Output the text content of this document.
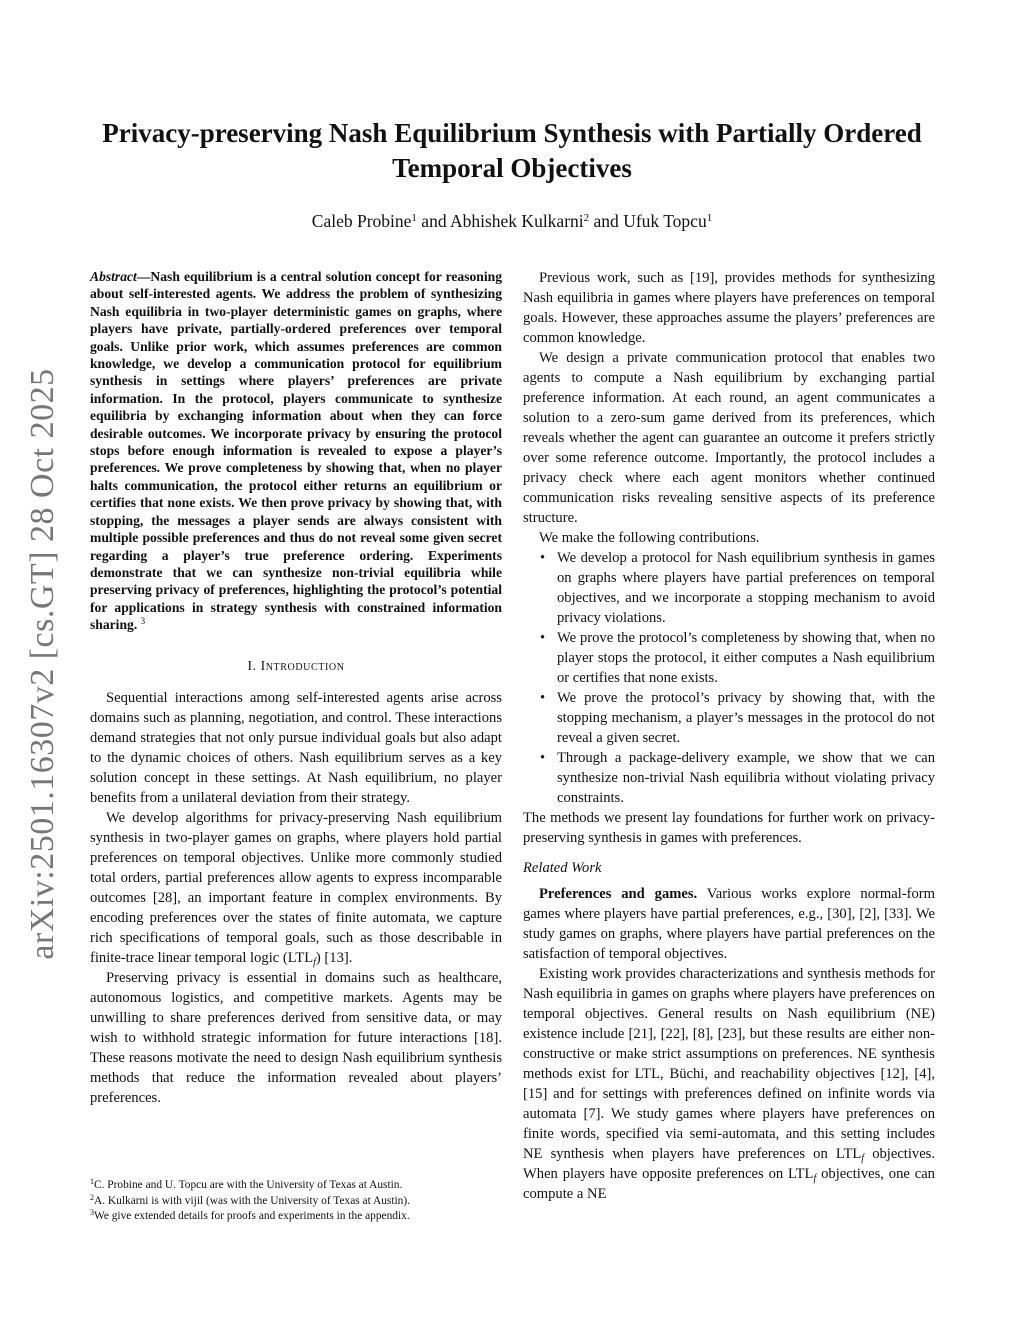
arXiv:2501.16307v2 [cs.GT] 28 Oct 2025
Privacy-preserving Nash Equilibrium Synthesis with Partially Ordered Temporal Objectives
Caleb Probine$^1$ and Abhishek Kulkarni$^2$ and Ufuk Topcu$^1$

Abstract—Nash equilibrium is a central solution concept for reasoning about self-interested agents. We address the problem of synthesizing Nash equilibria in two-player deterministic games on graphs, where players have private, partially-ordered preferences over temporal goals. Unlike prior work, which assumes preferences are common knowledge, we develop a communication protocol for equilibrium synthesis in settings where players’ preferences are private information. In the protocol, players communicate to synthesize equilibria by exchanging information about when they can force desirable outcomes. We incorporate privacy by ensuring the protocol stops before enough information is revealed to expose a player’s preferences. We prove completeness by showing that, when no player halts communication, the protocol either returns an equilibrium or certifies that none exists. We then prove privacy by showing that, with stopping, the messages a player sends are always consistent with multiple possible preferences and thus do not reveal some given secret regarding a player’s true preference ordering. Experiments demonstrate that we can synthesize non-trivial equilibria while preserving privacy of preferences, highlighting the protocol’s potential for applications in strategy synthesis with constrained information sharing. $^3$

I. Introduction

Sequential interactions among self-interested agents arise across domains such as planning, negotiation, and control. These interactions demand strategies that not only pursue individual goals but also adapt to the dynamic choices of others. Nash equilibrium serves as a key solution concept in these settings. At Nash equilibrium, no player benefits from a unilateral deviation from their strategy.

We develop algorithms for privacy-preserving Nash equilibrium synthesis in two-player games on graphs, where players hold partial preferences on temporal objectives. Unlike more commonly studied total orders, partial preferences allow agents to express incomparable outcomes [28], an important feature in complex environments. By encoding preferences over the states of finite automata, we capture rich specifications of temporal goals, such as those describable in finite-trace linear temporal logic $(LTL_f)$ [13].

Preserving privacy is essential in domains such as healthcare, autonomous logistics, and competitive markets. Agents may be unwilling to share preferences derived from sensitive data, or may wish to withhold strategic information for future interactions [18]. These reasons motivate the need to design Nash equilibrium synthesis methods that reduce the information revealed about players’ preferences.

$^1$C. Probine and U. Topcu are with the University of Texas at Austin.
$^2$A. Kulkarni is with vijil (was with the University of Texas at Austin).
$^3$We give extended details for proofs and experiments in the appendix.

Previous work, such as [19], provides methods for synthesizing Nash equilibria in games where players have preferences on temporal goals. However, these approaches assume the players’ preferences are common knowledge.

We design a private communication protocol that enables two agents to compute a Nash equilibrium by exchanging partial preference information. At each round, an agent communicates a solution to a zero-sum game derived from its preferences, which reveals whether the agent can guarantee an outcome it prefers strictly over some reference outcome. Importantly, the protocol includes a privacy check where each agent monitors whether continued communication risks revealing sensitive aspects of its preference structure.

We make the following contributions.

• We develop a protocol for Nash equilibrium synthesis in games on graphs where players have partial preferences on temporal objectives, and we incorporate a stopping mechanism to avoid privacy violations.
• We prove the protocol’s completeness by showing that, when no player stops the protocol, it either computes a Nash equilibrium or certifies that none exists.
• We prove the protocol’s privacy by showing that, with the stopping mechanism, a player’s messages in the protocol do not reveal a given secret.
• Through a package-delivery example, we show that we can synthesize non-trivial Nash equilibria without violating privacy constraints.

The methods we present lay foundations for further work on privacy-preserving synthesis in games with preferences.

Related Work

Preferences and games. Various works explore normal-form games where players have partial preferences, e.g., [30], [2], [33]. We study games on graphs, where players have partial preferences on the satisfaction of temporal objectives.

Existing work provides characterizations and synthesis methods for Nash equilibria in games on graphs where players have preferences on temporal objectives. General results on Nash equilibrium (NE) existence include [21], [22], [8], [23], but these results are either non-constructive or make strict assumptions on preferences. NE synthesis methods exist for LTL, Büchi, and reachability objectives [12], [4], [15] and for settings with preferences defined on infinite words via automata [7]. We study games where players have preferences on finite words, specified via semi-automata, and this setting includes NE synthesis when players have preferences on $LTL_f$ objectives. When players have opposite preferences on $LTL_f$ objectives, one can compute a NE
